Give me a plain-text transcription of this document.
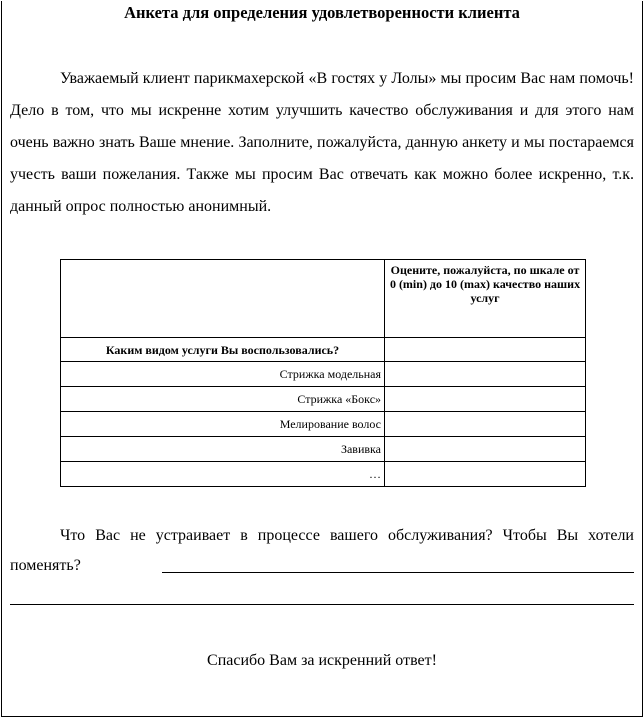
Анкета для определения удовлетворенности клиента

Уважаемый клиент парикмахерской «В гостях у Лолы» мы просим Вас нам помочь! Дело в том, что мы искренне хотим улучшить качество обслуживания и для этого нам очень важно знать Ваше мнение. Заполните, пожалуйста, данную анкету и мы постараемся учесть ваши пожелания. Также мы просим Вас отвечать как можно более искренно, т.к. данный опрос полностью анонимный.

	Оцените, пожалуйста, по шкале от 0 (min) до 10 (max) качество наших услуг
Каким видом услуги Вы воспользовались?	
Стрижка модельная	
Стрижка «Бокс»	
Мелирование волос	
Завивка	
…	

Что Вас не устраивает в процессе вашего обслуживания? Чтобы Вы хотели поменять?

Спасибо Вам за искренний ответ!
